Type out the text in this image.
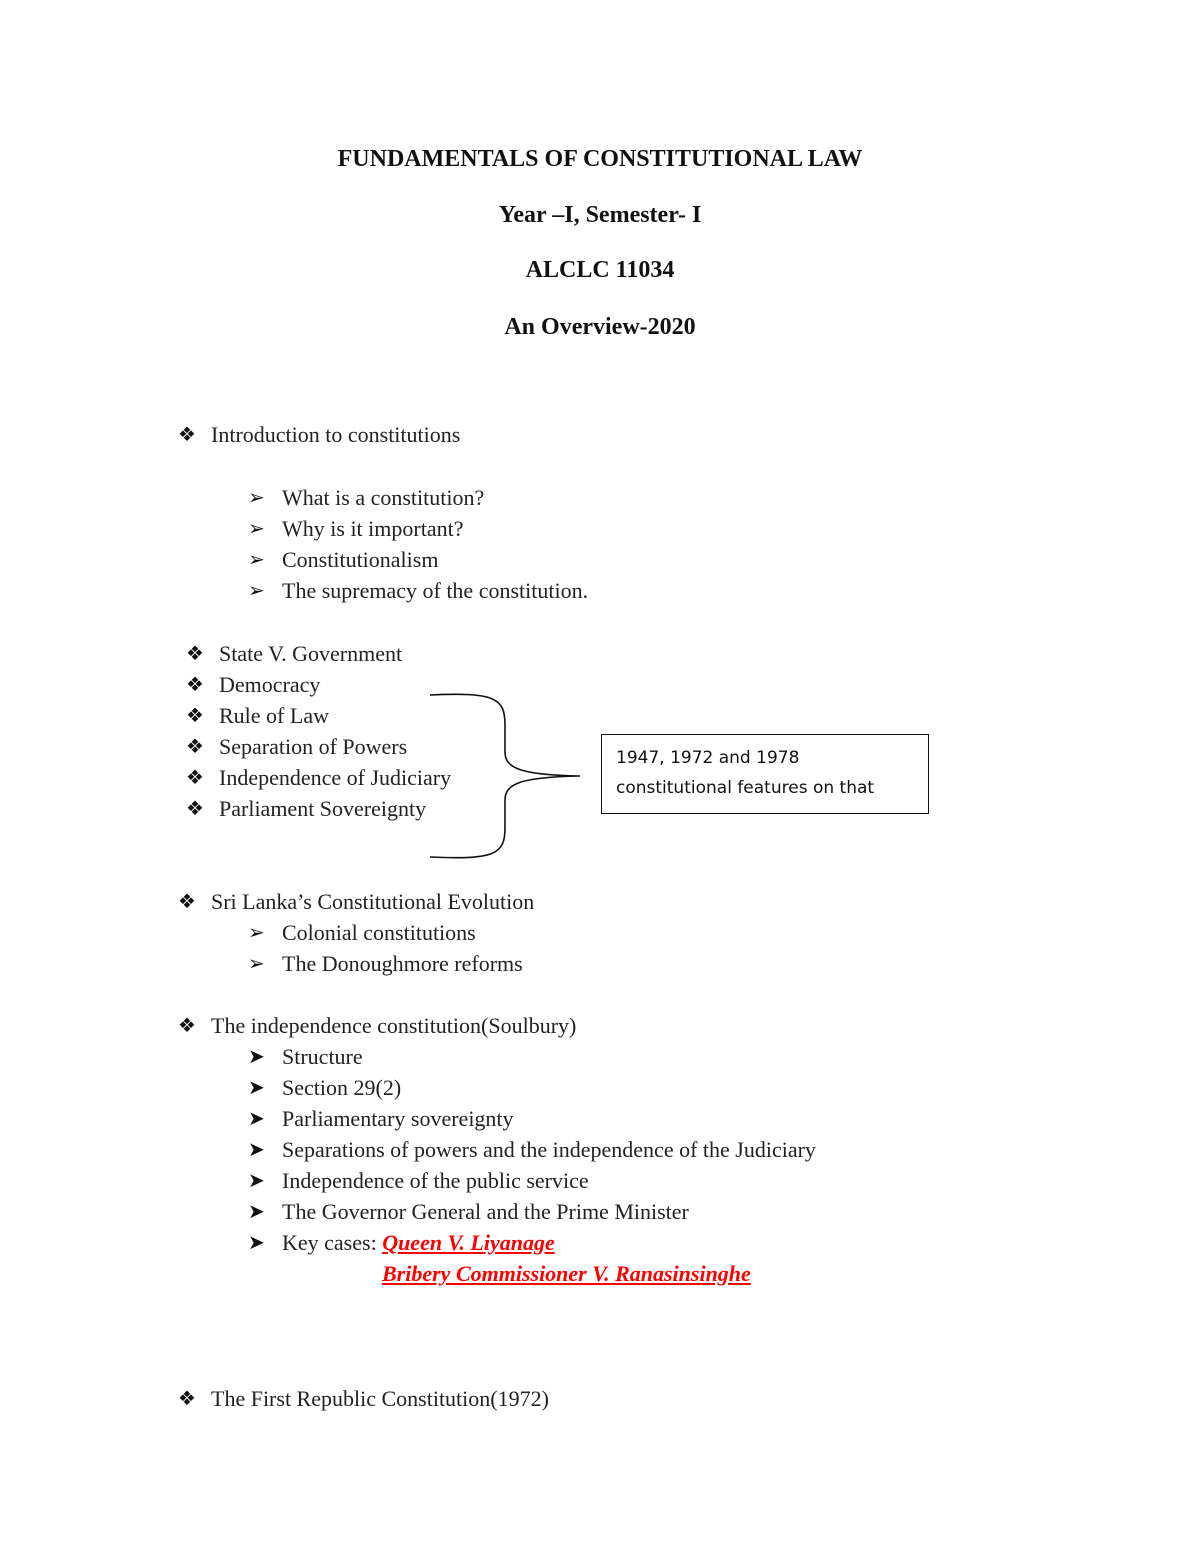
FUNDAMENTALS OF CONSTITUTIONAL LAW
Year –I, Semester- I
ALCLC 11034
An Overview-2020
❖ Introduction to constitutions
➢ What is a constitution?
➢ Why is it important?
➢ Constitutionalism
➢ The supremacy of the constitution.
❖ State V. Government
❖ Democracy
❖ Rule of Law
❖ Separation of Powers
❖ Independence of Judiciary
❖ Parliament Sovereignty
1947, 1972 and 1978
constitutional features on that
❖ Sri Lanka’s Constitutional Evolution
➢ Colonial constitutions
➢ The Donoughmore reforms
❖ The independence constitution(Soulbury)
➤ Structure
➤ Section 29(2)
➤ Parliamentary sovereignty
➤ Separations of powers and the independence of the Judiciary
➤ Independence of the public service
➤ The Governor General and the Prime Minister
➤ Key cases: Queen V. Liyanage
Bribery Commissioner V. Ranasinsinghe
❖ The First Republic Constitution(1972)
